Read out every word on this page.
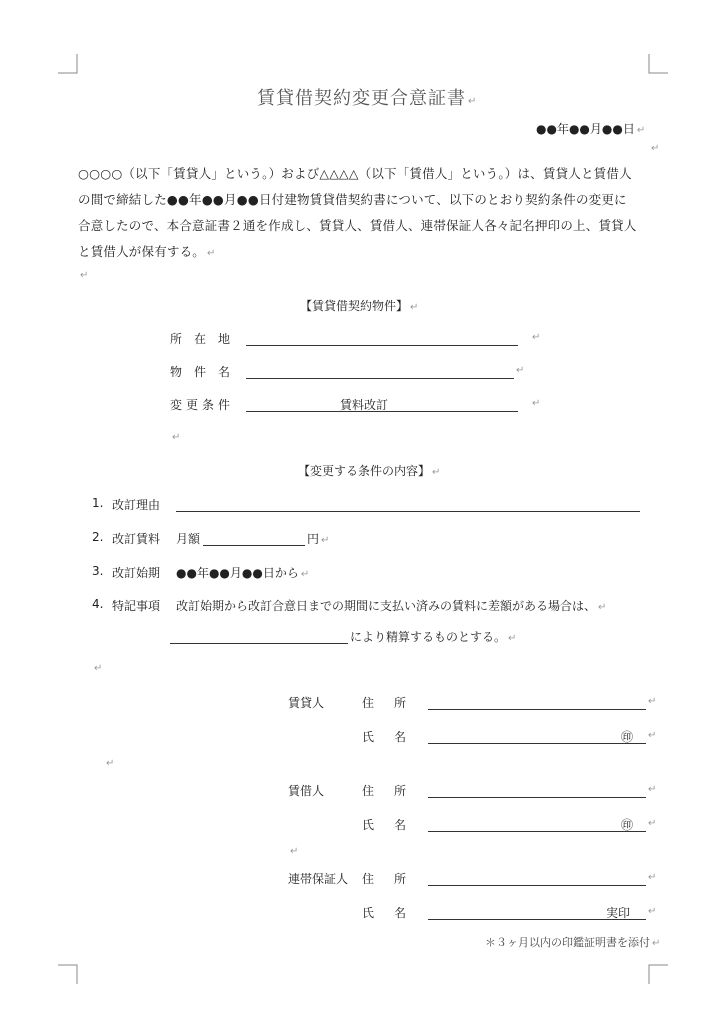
賃貸借契約変更合意証書 ↵
●●年●●月●●日 ↵
↵
○○○○（以下「賃貸人」という。）および△△△△（以下「賃借人」という。）は、賃貸人と賃借人
の間で締結した●●年●●月●●日付建物賃貸借契約書について、以下のとおり契約条件の変更に
合意したので、本合意証書２通を作成し、賃貸人、賃借人、連帯保証人各々記名押印の上、賃貸人
と賃借人が保有する。 ↵
↵
【賃貸借契約物件】 ↵
所在地	↵
物件名	↵
変更条件	賃料改訂	↵
↵
【変更する条件の内容】 ↵
1. 改訂理由
2. 改訂賃料 月額	円 ↵
3. 改訂始期 ●●年●●月●●日から ↵
4. 特記事項 改訂始期から改訂合意日までの期間に支払い済みの賃料に差額がある場合は、 ↵
により精算するものとする。 ↵
↵
賃貸人	住　所	↵
氏　名	㊞ ↵
↵
賃借人	住　所	↵
氏　名	㊞ ↵
↵
連帯保証人 住　所	↵
氏　名	実印 ↵
＊３ヶ月以内の印鑑証明書を添付 ↵
